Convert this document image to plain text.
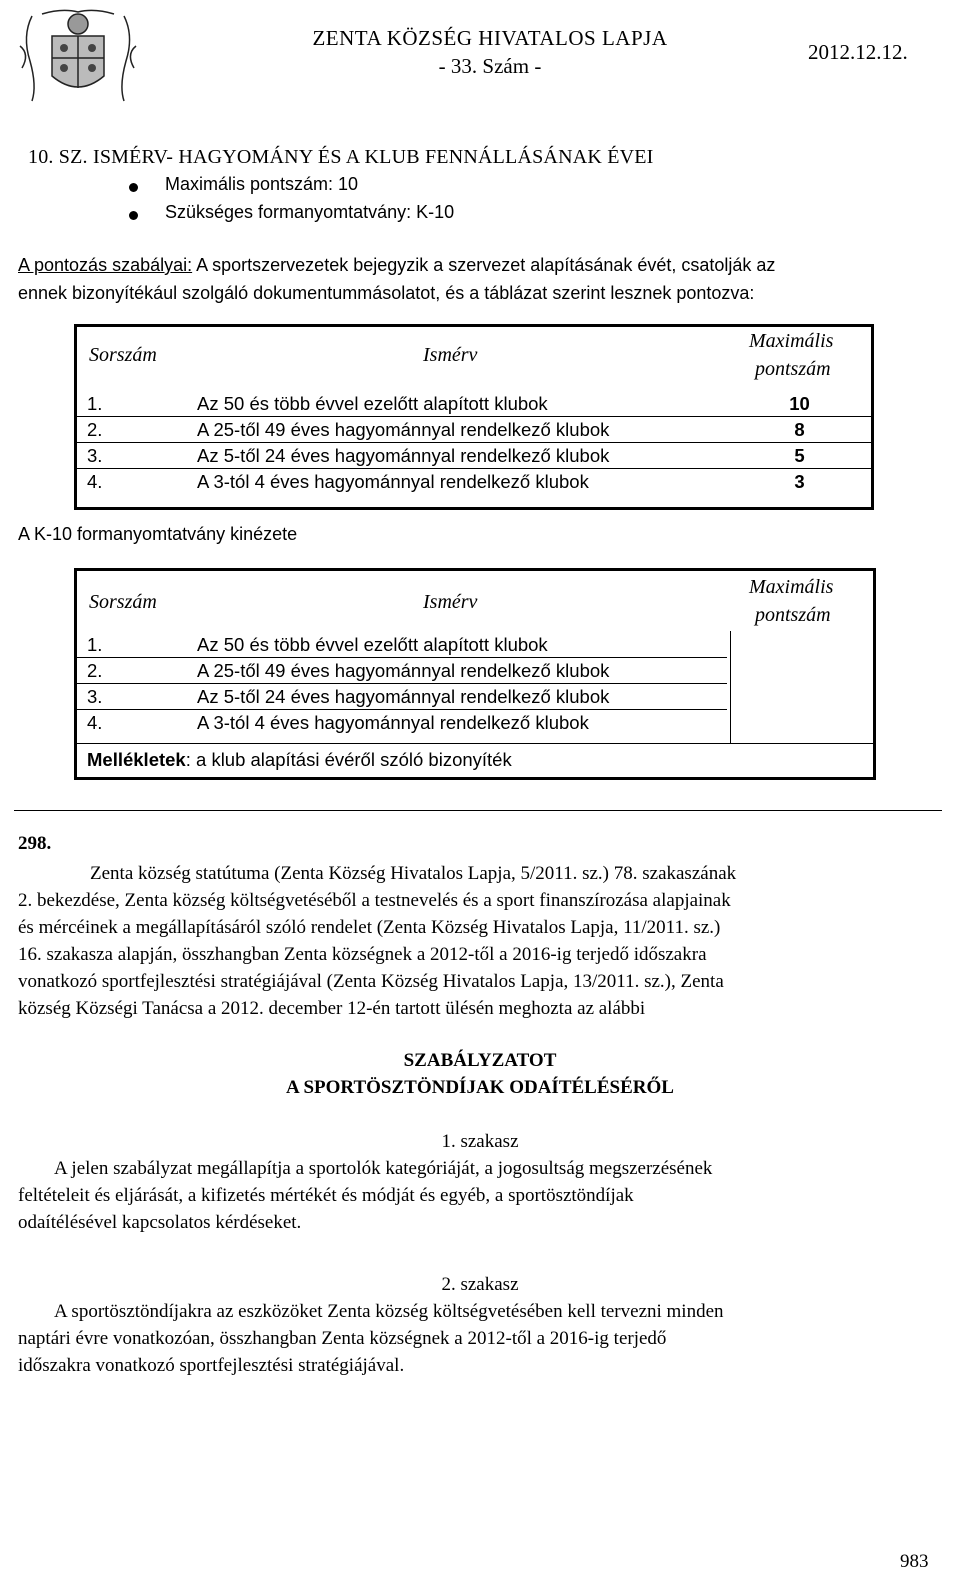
ZENTA KÖZSÉG HIVATALOS LAPJA
- 33. Szám -
2012.12.12.
10. SZ. ISMÉRV- HAGYOMÁNY ÉS A KLUB FENNÁLLÁSÁNAK ÉVEI
Maximális pontszám: 10
Szükséges formanyomtatvány: K-10
A pontozás szabályai: A sportszervezetek bejegyzik a szervezet alapításának évét, csatolják az
ennek bizonyítékául szolgáló dokumentummásolatot, és a táblázat szerint lesznek pontozva:
Sorszám	Ismérv
Maximális
pontszám
1.	Az 50 és több évvel ezelőtt alapított klubok	10
2.	A 25-től 49 éves hagyománnyal rendelkező klubok	8
3.	Az 5-től 24 éves hagyománnyal rendelkező klubok	5
4.	A 3-tól 4 éves hagyománnyal rendelkező klubok	3
A K-10 formanyomtatvány kinézete
Sorszám	Ismérv
Maximális
pontszám
1.	Az 50 és több évvel ezelőtt alapított klubok
2.	A 25-től 49 éves hagyománnyal rendelkező klubok
3.	Az 5-től 24 éves hagyománnyal rendelkező klubok
4.	A 3-tól 4 éves hagyománnyal rendelkező klubok
Mellékletek: a klub alapítási évéről szóló bizonyíték
298.
Zenta község statútuma (Zenta Község Hivatalos Lapja, 5/2011. sz.) 78. szakaszának
2. bekezdése, Zenta község költségvetéséből a testnevelés és a sport finanszírozása alapjainak
és mércéinek a megállapításáról szóló rendelet (Zenta Község Hivatalos Lapja, 11/2011. sz.)
16. szakasza alapján, összhangban Zenta községnek a 2012-től a 2016-ig terjedő időszakra
vonatkozó sportfejlesztési stratégiájával (Zenta Község Hivatalos Lapja, 13/2011. sz.), Zenta
község Községi Tanácsa a 2012. december 12-én tartott ülésén meghozta az alábbi
SZABÁLYZATOT
A SPORTÖSZTÖNDÍJAK ODAÍTÉLÉSÉRŐL
1. szakasz
A jelen szabályzat megállapítja a sportolók kategóriáját, a jogosultság megszerzésének
feltételeit és eljárását, a kifizetés mértékét és módját és egyéb, a sportösztöndíjak
odaítélésével kapcsolatos kérdéseket.
2. szakasz
A sportösztöndíjakra az eszközöket Zenta község költségvetésében kell tervezni minden
naptári évre vonatkozóan, összhangban Zenta községnek a 2012-től a 2016-ig terjedő
időszakra vonatkozó sportfejlesztési stratégiájával.
983
